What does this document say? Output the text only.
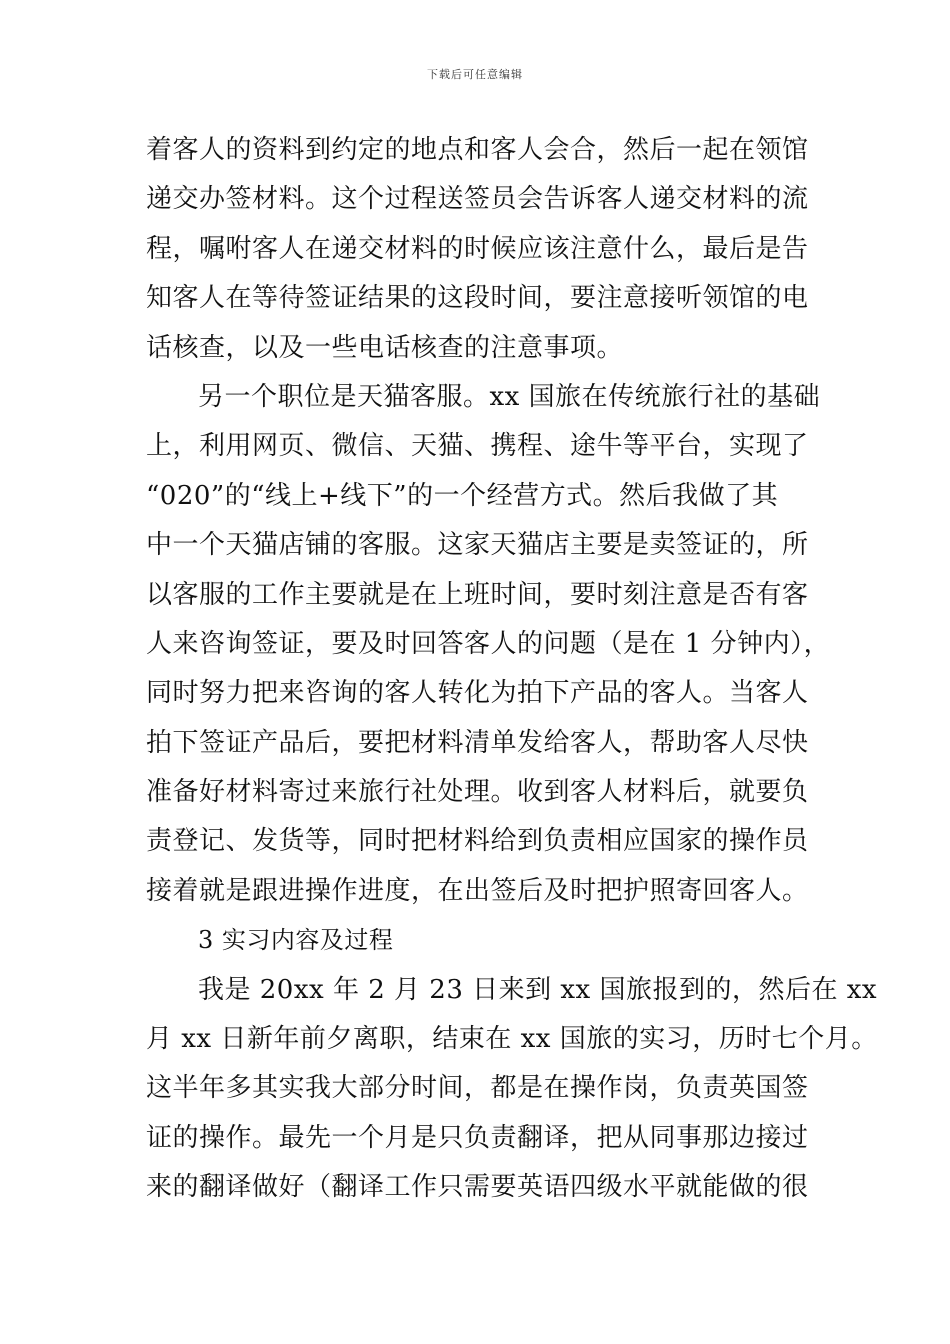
下载后可任意编辑
着客人的资料到约定的地点和客人会合，然后一起在领馆
递交办签材料。这个过程送签员会告诉客人递交材料的流
程，嘱咐客人在递交材料的时候应该注意什么，最后是告
知客人在等待签证结果的这段时间，要注意接听领馆的电
话核查，以及一些电话核查的注意事项。
另一个职位是天猫客服。xx 国旅在传统旅行社的基础
上，利用网页、微信、天猫、携程、途牛等平台，实现了
“020”的“线上+线下”的一个经营方式。然后我做了其
中一个天猫店铺的客服。这家天猫店主要是卖签证的，所
以客服的工作主要就是在上班时间，要时刻注意是否有客
人来咨询签证，要及时回答客人的问题（是在 1 分钟内），
同时努力把来咨询的客人转化为拍下产品的客人。当客人
拍下签证产品后，要把材料清单发给客人，帮助客人尽快
准备好材料寄过来旅行社处理。收到客人材料后，就要负
责登记、发货等，同时把材料给到负责相应国家的操作员
接着就是跟进操作进度，在出签后及时把护照寄回客人。
3 实习内容及过程
我是 20xx 年 2 月 23 日来到 xx 国旅报到的，然后在 xx
月 xx 日新年前夕离职，结束在 xx 国旅的实习，历时七个月。
这半年多其实我大部分时间，都是在操作岗，负责英国签
证的操作。最先一个月是只负责翻译，把从同事那边接过
来的翻译做好（翻译工作只需要英语四级水平就能做的很
